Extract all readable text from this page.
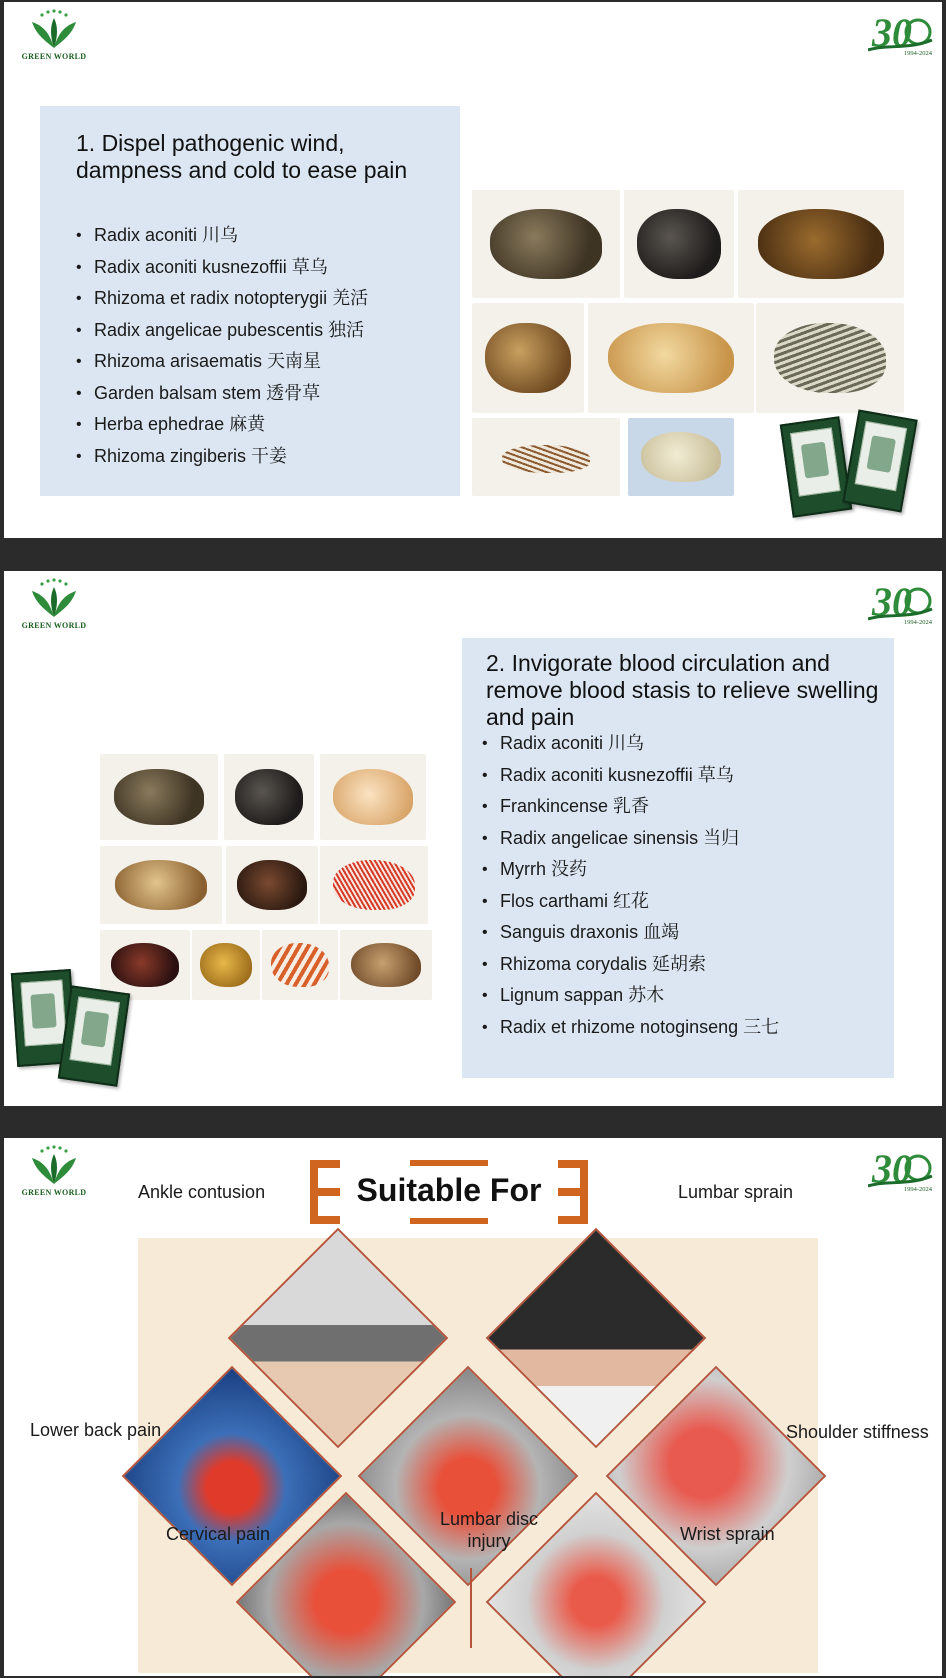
GREEN WORLD
30
1994-2024
1. Dispel pathogenic wind, dampness and cold to ease pain
• Radix aconiti 川乌
• Radix aconiti kusnezoffii 草乌
• Rhizoma et radix notopterygii 羌活
• Radix angelicae pubescentis 独活
• Rhizoma arisaematis 天南星
• Garden balsam stem 透骨草
• Herba ephedrae 麻黄
• Rhizoma zingiberis 干姜
GREEN WORLD
30
1994-2024
2. Invigorate blood circulation and remove blood stasis to relieve swelling and pain
• Radix aconiti 川乌
• Radix aconiti kusnezoffii 草乌
• Frankincense 乳香
• Radix angelicae sinensis 当归
• Myrrh 没药
• Flos carthami 红花
• Sanguis draxonis 血竭
• Rhizoma corydalis 延胡索
• Lignum sappan 苏木
• Radix et rhizome notoginseng 三七
GREEN WORLD
30
1994-2024
Suitable For
Ankle contusion	Lumbar sprain
Lower back pain	Shoulder stiffness
Cervical pain
Lumbar disc injury	Wrist sprain
